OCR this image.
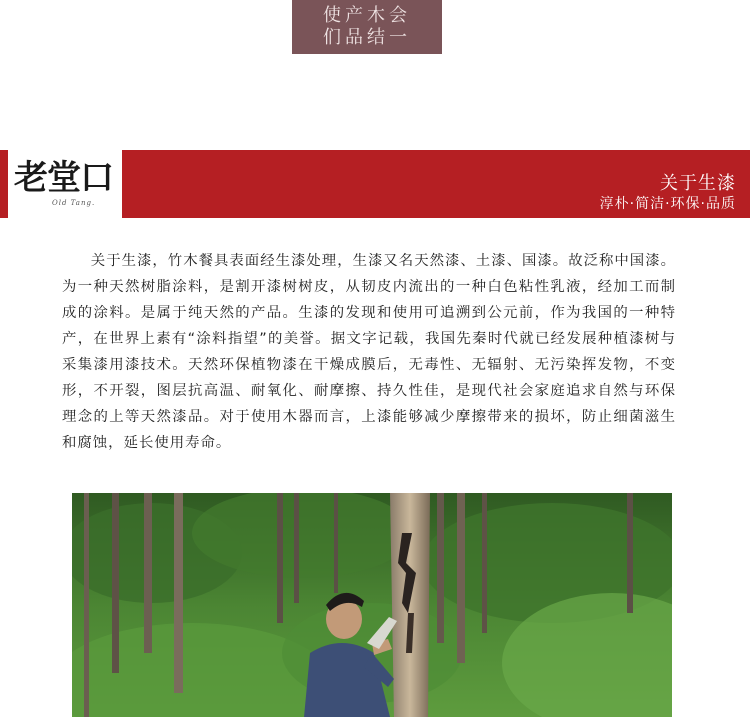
使产木会
们品结一
老堂口
Old Tang.
关于生漆
淳朴·简洁·环保·品质

关于生漆，竹木餐具表面经生漆处理，生漆又名天然漆、土漆、国漆。故泛称中国漆。为一种天然树脂涂料，是割开漆树树皮，从韧皮内流出的一种白色粘性乳液，经加工而制成的涂料。是属于纯天然的产品。生漆的发现和使用可追溯到公元前，作为我国的一种特产，在世界上素有“涂料指望”的美誉。据文字记载，我国先秦时代就已经发展种植漆树与采集漆用漆技术。天然环保植物漆在干燥成膜后，无毒性、无辐射、无污染挥发物，不变形，不开裂，图层抗高温、耐氧化、耐摩擦、持久性佳，是现代社会家庭追求自然与环保理念的上等天然漆品。对于使用木器而言，上漆能够减少摩擦带来的损坏，防止细菌滋生和腐蚀，延长使用寿命。
